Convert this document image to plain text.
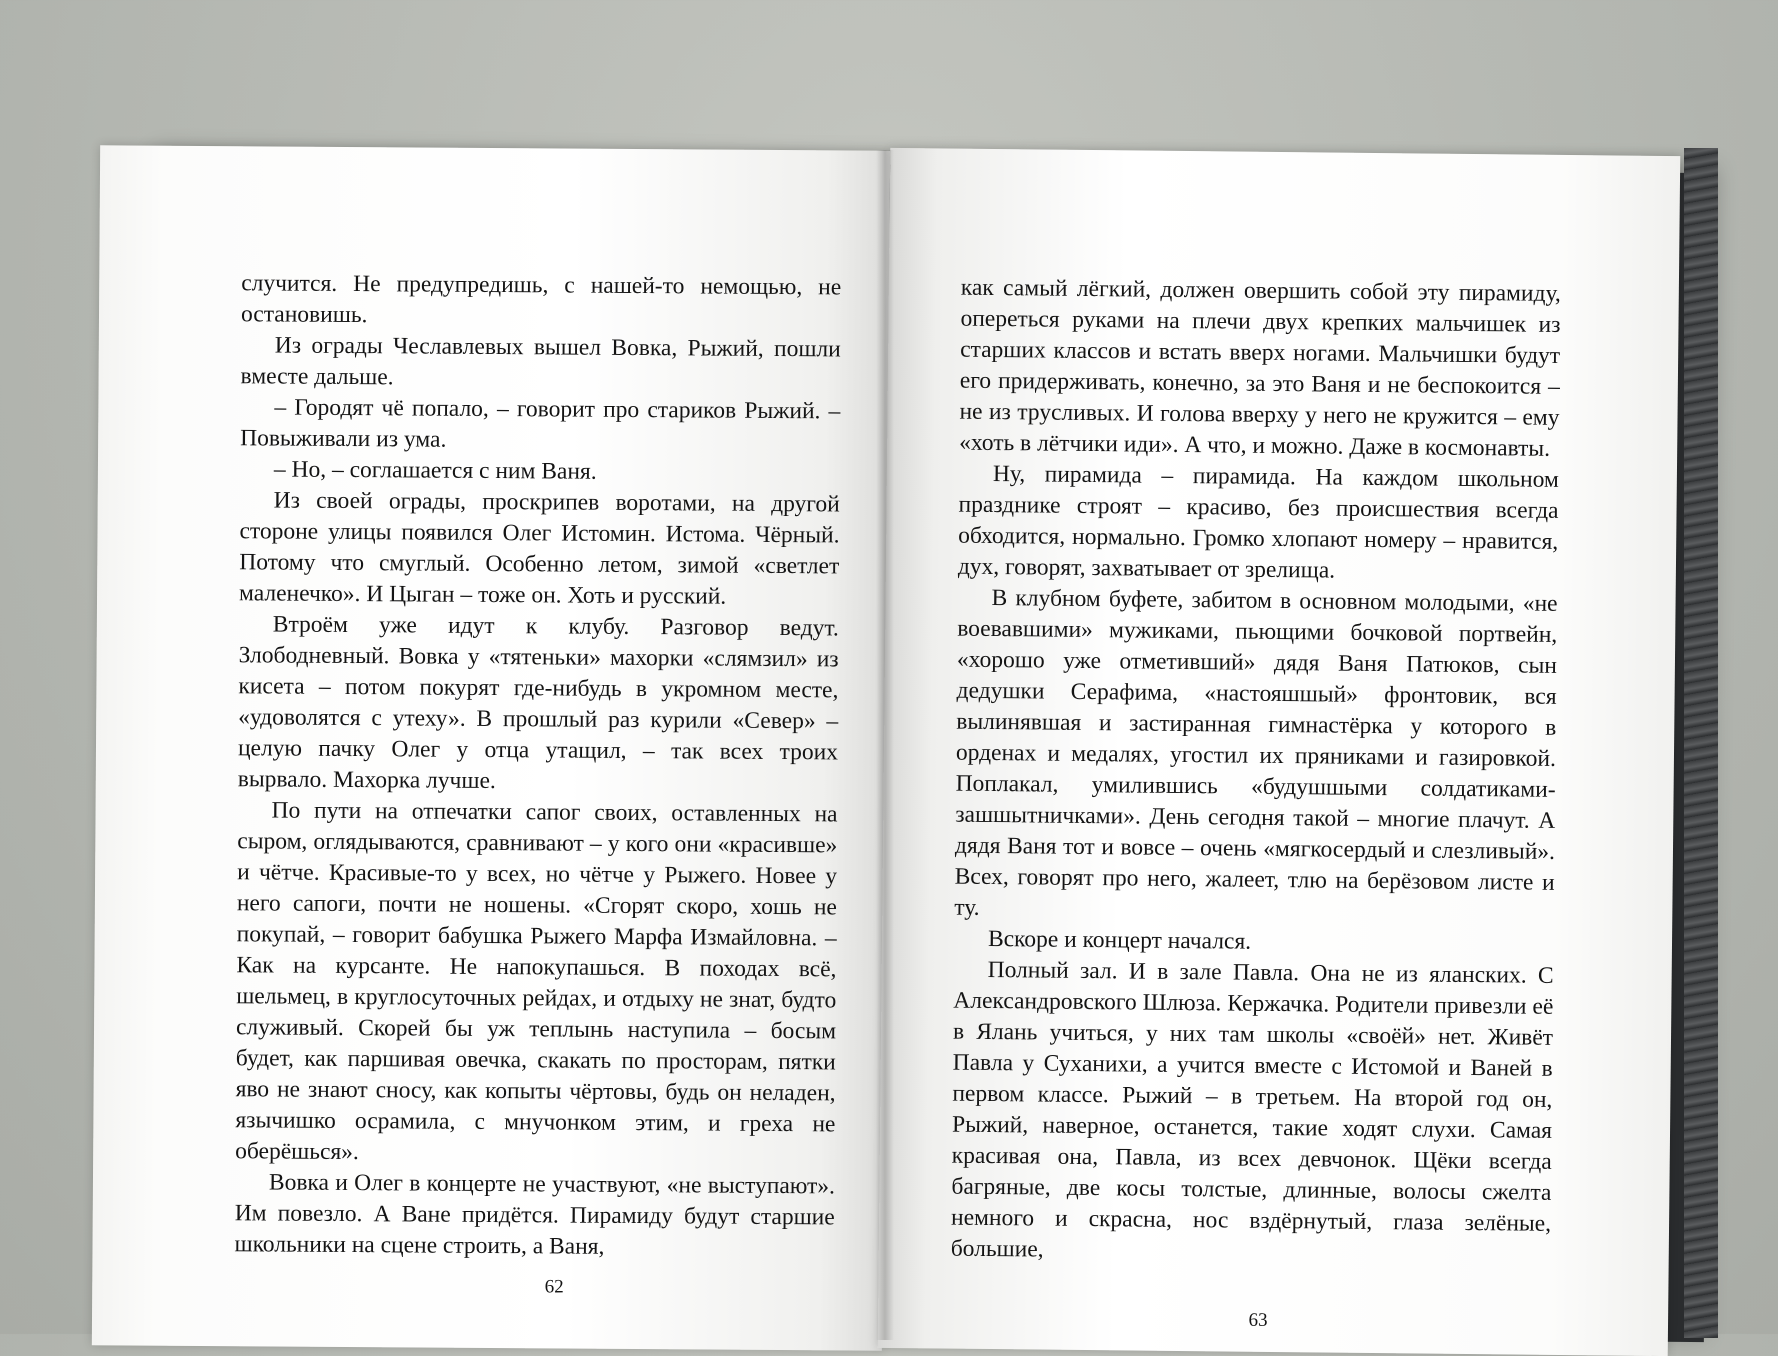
случится. Не предупредишь, с нашей-то немощью, не остановишь.

Из ограды Чеславлевых вышел Вовка, Рыжий, пошли вместе дальше.

– Городят чё попало, – говорит про стариков Рыжий. – Повыживали из ума.

– Но, – соглашается с ним Ваня.

Из своей ограды, проскрипев воротами, на другой стороне улицы появился Олег Истомин. Истома. Чёрный. Потому что смуглый. Особенно летом, зимой «светлет маленечко». И Цыган – тоже он. Хоть и русский.

Втроём уже идут к клубу. Разговор ведут. Злободневный. Вовка у «тятеньки» махорки «слямзил» из кисета – потом покурят где-нибудь в укромном месте, «удоволятся с утеху». В прошлый раз курили «Север» – целую пачку Олег у отца утащил, – так всех троих вырвало. Махорка лучше.

По пути на отпечатки сапог своих, оставленных на сыром, оглядываются, сравнивают – у кого они «красивше» и чётче. Красивые-то у всех, но чётче у Рыжего. Новее у него сапоги, почти не ношены. «Сгорят скоро, хошь не покупай, – говорит бабушка Рыжего Марфа Измайловна. – Как на курсанте. Не напокупашься. В походах всё, шельмец, в круглосуточных рейдах, и отдыху не знат, будто служивый. Скорей бы уж теплынь наступила – босым будет, как паршивая овечка, скакать по просторам, пятки яво не знают сносу, как копыты чёртовы, будь он неладен, язычишко осрамила, с мнучонком этим, и греха не оберёшься».

Вовка и Олег в концерте не участвуют, «не выступают». Им повезло. А Ване придётся. Пирамиду будут старшие школьники на сцене строить, а Ваня,

62

как самый лёгкий, должен овершить собой эту пирамиду, опереться руками на плечи двух крепких мальчишек из старших классов и встать вверх ногами. Мальчишки будут его придерживать, конечно, за это Ваня и не беспокоится – не из трусливых. И голова вверху у него не кружится – ему «хоть в лётчики иди». А что, и можно. Даже в космонавты.

Ну, пирамида – пирамида. На каждом школьном празднике строят – красиво, без происшествия всегда обходится, нормально. Громко хлопают номеру – нравится, дух, говорят, захватывает от зрелища.

В клубном буфете, забитом в основном молодыми, «не воевавшими» мужиками, пьющими бочковой портвейн, «хорошо уже отметивший» дядя Ваня Патюков, сын дедушки Серафима, «настояшшый» фронтовик, вся вылинявшая и застиранная гимнастёрка у которого в орденах и медалях, угостил их пряниками и газировкой. Поплакал, умилившись «будушшыми солдатиками-зашшытничками». День сегодня такой – многие плачут. А дядя Ваня тот и вовсе – очень «мягкосердый и слезливый». Всех, говорят про него, жалеет, тлю на берёзовом листе и ту.

Вскоре и концерт начался.

Полный зал. И в зале Павла. Она не из яланских. С Александровского Шлюза. Кержачка. Родители привезли её в Ялань учиться, у них там школы «своёй» нет. Живёт Павла у Суханихи, а учится вместе с Истомой и Ваней в первом классе. Рыжий – в третьем. На второй год он, Рыжий, наверное, останется, такие ходят слухи. Самая красивая она, Павла, из всех девчонок. Щёки всегда багряные, две косы толстые, длинные, волосы сжелта немного и скрасна, нос вздёрнутый, глаза зелёные, большие,

63
